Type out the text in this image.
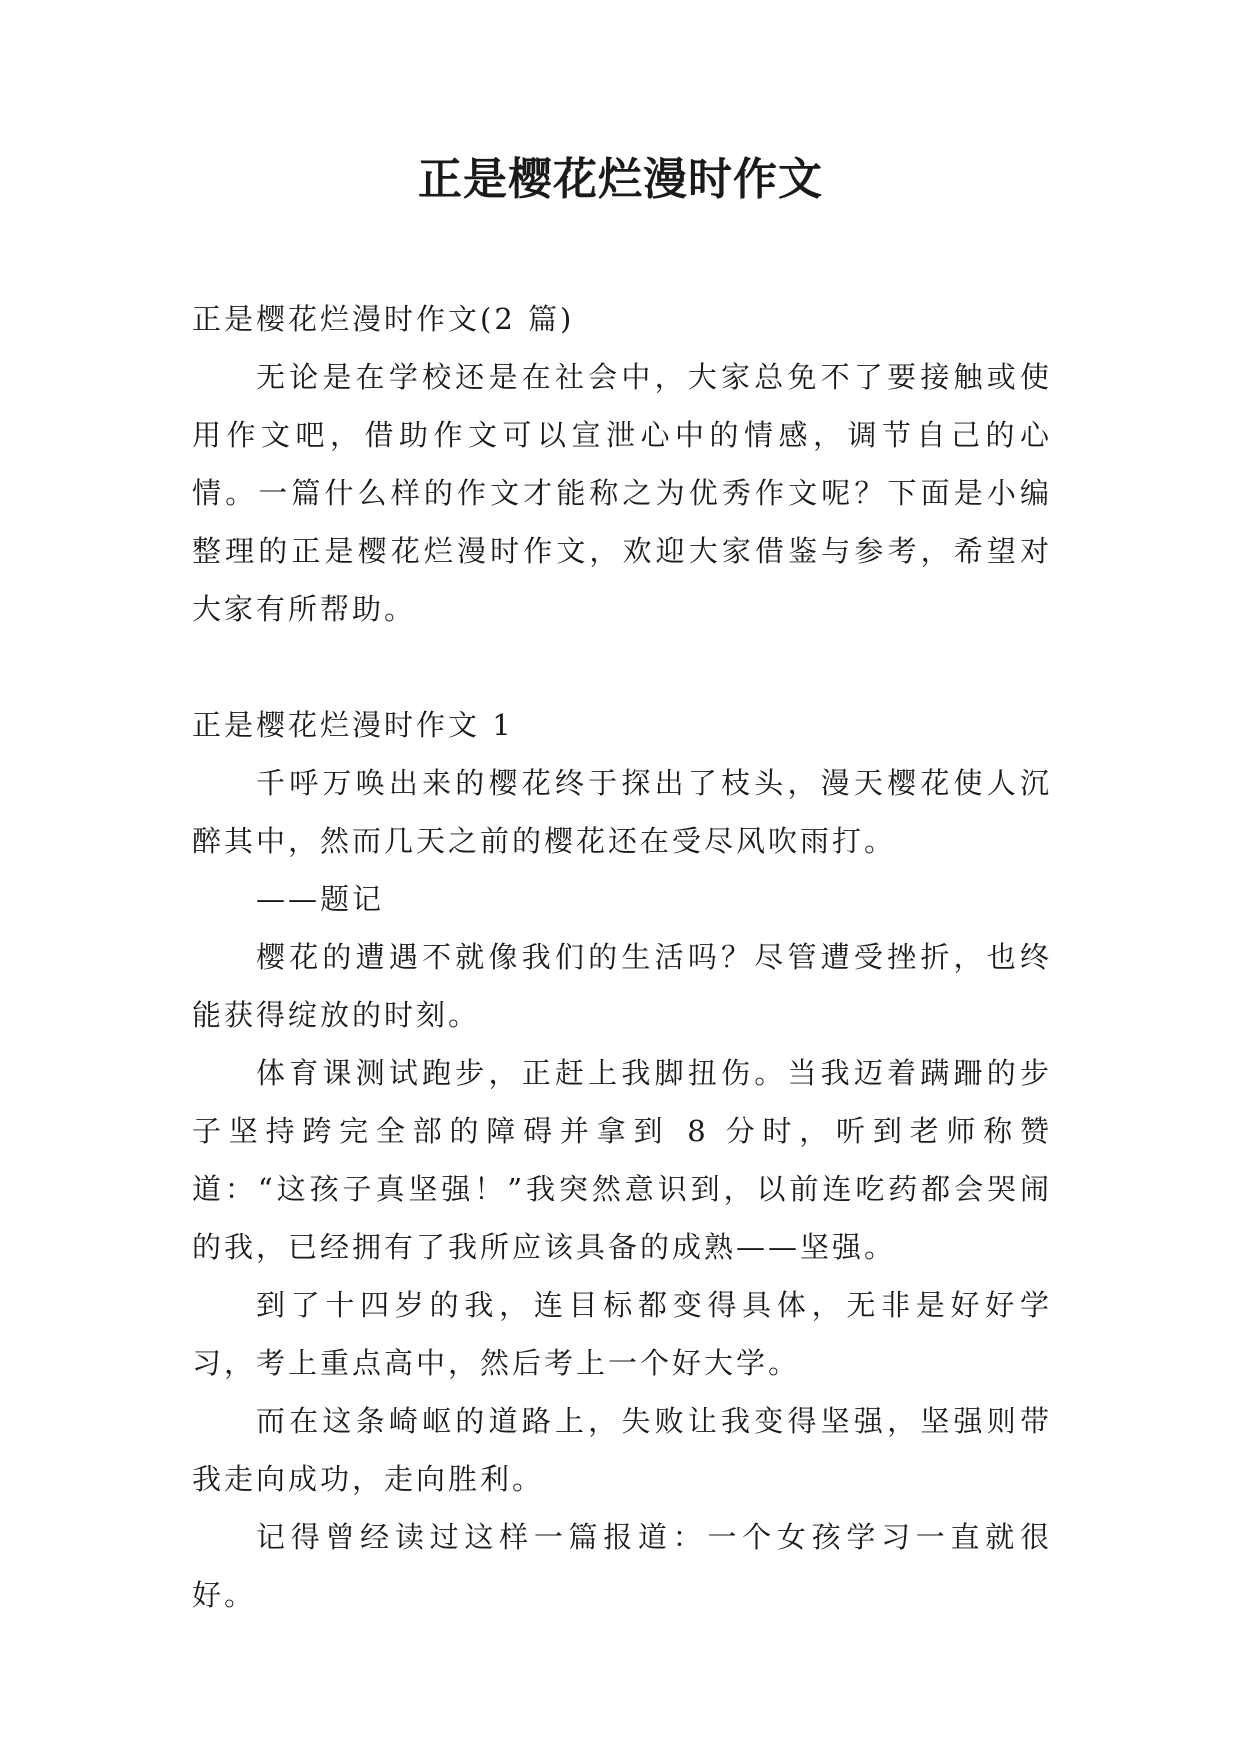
正是樱花烂漫时作文

正是樱花烂漫时作文(2 篇)

无论是在学校还是在社会中，大家总免不了要接触或使用作文吧，借助作文可以宣泄心中的情感，调节自己的心情。一篇什么样的作文才能称之为优秀作文呢？下面是小编整理的正是樱花烂漫时作文，欢迎大家借鉴与参考，希望对大家有所帮助。

正是樱花烂漫时作文 1

千呼万唤出来的樱花终于探出了枝头，漫天樱花使人沉醉其中，然而几天之前的樱花还在受尽风吹雨打。

——题记

樱花的遭遇不就像我们的生活吗？尽管遭受挫折，也终能获得绽放的时刻。

体育课测试跑步，正赶上我脚扭伤。当我迈着蹒跚的步子坚持跨完全部的障碍并拿到 8 分时，听到老师称赞道：“这孩子真坚强！”我突然意识到，以前连吃药都会哭闹的我，已经拥有了我所应该具备的成熟——坚强。

到了十四岁的我，连目标都变得具体，无非是好好学习，考上重点高中，然后考上一个好大学。

而在这条崎岖的道路上，失败让我变得坚强，坚强则带我走向成功，走向胜利。

记得曾经读过这样一篇报道：一个女孩学习一直就很好。
